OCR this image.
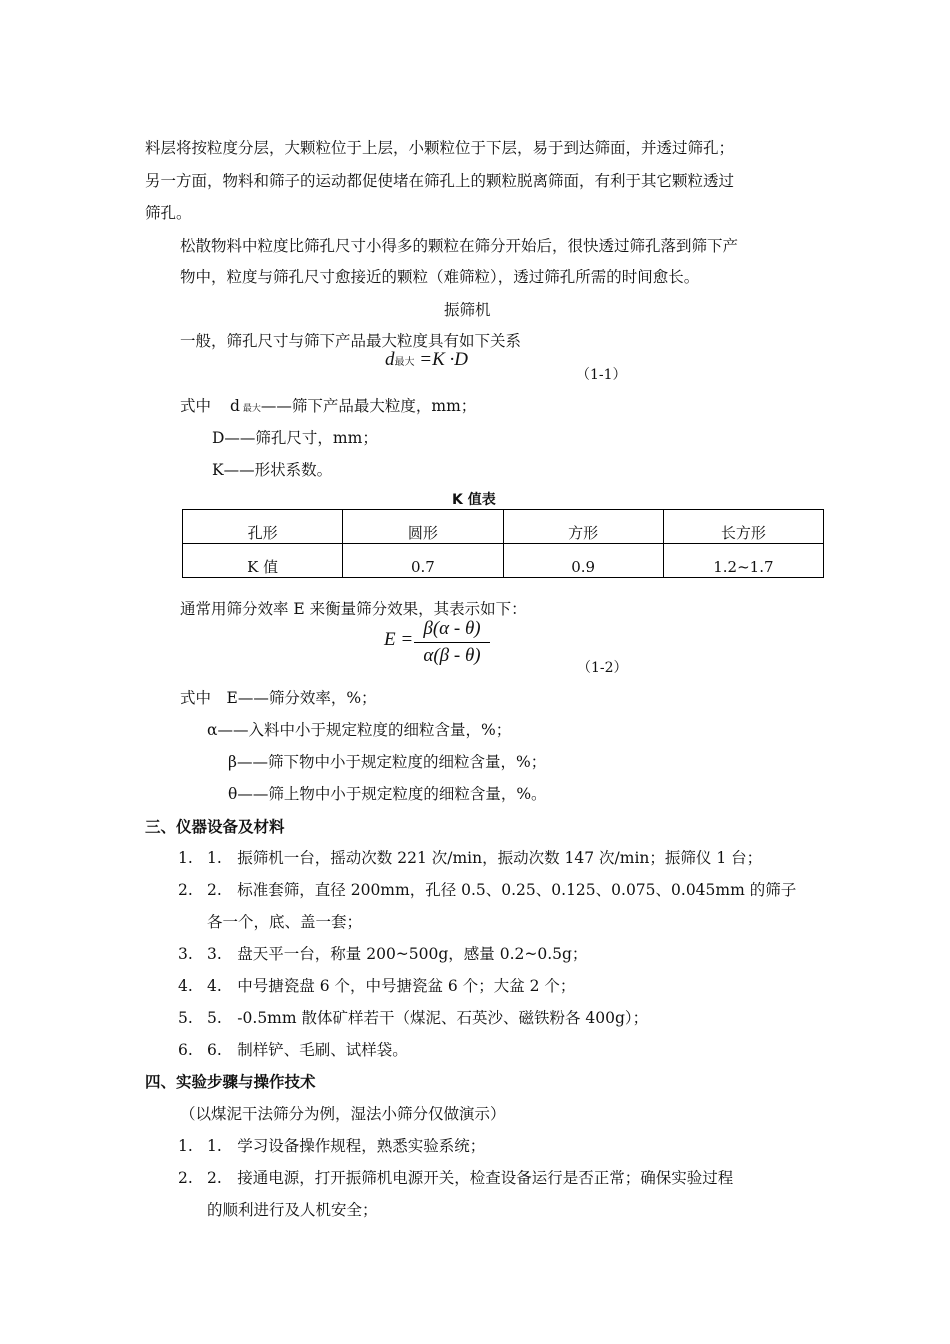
料层将按粒度分层，大颗粒位于上层，小颗粒位于下层，易于到达筛面，并透过筛孔；
另一方面，物料和筛子的运动都促使堵在筛孔上的颗粒脱离筛面，有利于其它颗粒透过
筛孔。
松散物料中粒度比筛孔尺寸小得多的颗粒在筛分开始后，很快透过筛孔落到筛下产
物中，粒度与筛孔尺寸愈接近的颗粒（难筛粒），透过筛孔所需的时间愈长。
振筛机
一般，筛孔尺寸与筛下产品最大粒度具有如下关系
d最大 =K ·D
（1-1）
式中 d 最大——筛下产品最大粒度，mm；
D——筛孔尺寸，mm；
K——形状系数。
K 值表
孔形	圆形	方形	长方形
K 值	0.7	0.9	1.2~1.7
通常用筛分效率 E 来衡量筛分效果，其表示如下：
E =
β(α - θ)
α(β - θ)
（1-2）
式中　E——筛分效率，%；
α——入料中小于规定粒度的细粒含量，%；
β——筛下物中小于规定粒度的细粒含量，%；
θ——筛上物中小于规定粒度的细粒含量，%。
三、仪器设备及材料
1. 1.　振筛机一台，摇动次数 221 次/min，振动次数 147 次/min；振筛仪 1 台；
2. 2.　标准套筛，直径 200mm，孔径 0.5、0.25、0.125、0.075、0.045mm 的筛子
各一个，底、盖一套；
3. 3.　盘天平一台，称量 200~500g，感量 0.2~0.5g；
4. 4.　中号搪瓷盘 6 个，中号搪瓷盆 6 个；大盆 2 个；
5. 5.　-0.5mm 散体矿样若干（煤泥、石英沙、磁铁粉各 400g）；
6. 6.　制样铲、毛刷、试样袋。
四、实验步骤与操作技术
（以煤泥干法筛分为例，湿法小筛分仅做演示）
1. 1.　学习设备操作规程，熟悉实验系统；
2. 2.　接通电源，打开振筛机电源开关，检查设备运行是否正常；确保实验过程
的顺利进行及人机安全；
